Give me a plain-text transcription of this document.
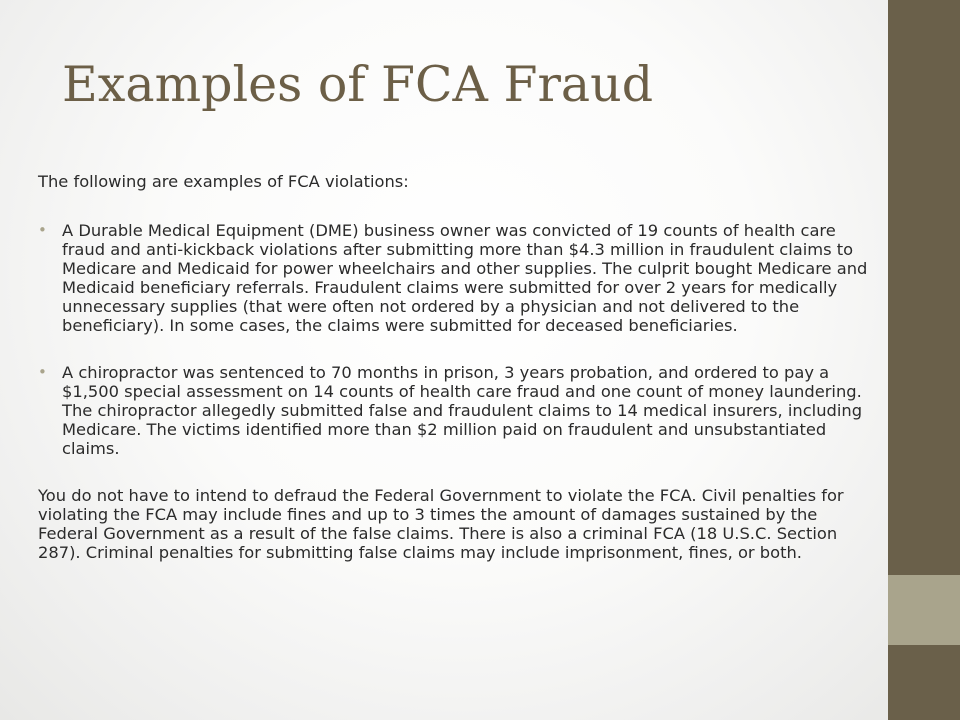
Examples of FCA Fraud

The following are examples of FCA violations:

• A Durable Medical Equipment (DME) business owner was convicted of 19 counts of health care fraud and anti-kickback violations after submitting more than $4.3 million in fraudulent claims to Medicare and Medicaid for power wheelchairs and other supplies. The culprit bought Medicare and Medicaid beneficiary referrals. Fraudulent claims were submitted for over 2 years for medically unnecessary supplies (that were often not ordered by a physician and not delivered to the beneficiary). In some cases, the claims were submitted for deceased beneficiaries.
• A chiropractor was sentenced to 70 months in prison, 3 years probation, and ordered to pay a $1,500 special assessment on 14 counts of health care fraud and one count of money laundering. The chiropractor allegedly submitted false and fraudulent claims to 14 medical insurers, including Medicare. The victims identified more than $2 million paid on fraudulent and unsubstantiated claims.

You do not have to intend to defraud the Federal Government to violate the FCA. Civil penalties for violating the FCA may include fines and up to 3 times the amount of damages sustained by the Federal Government as a result of the false claims. There is also a criminal FCA (18 U.S.C. Section 287). Criminal penalties for submitting false claims may include imprisonment, fines, or both.
